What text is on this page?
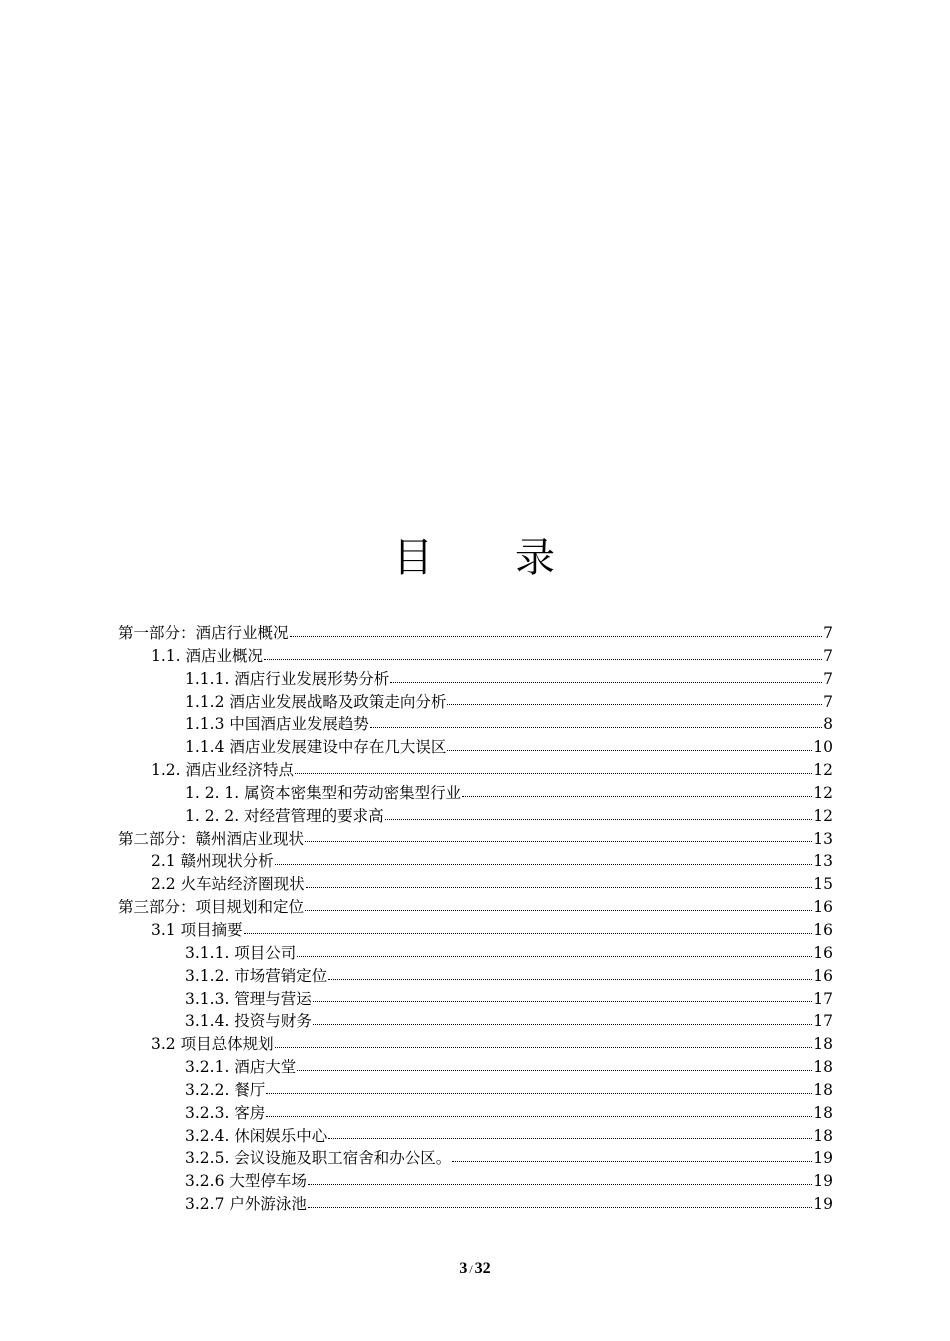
目 录
第一部分：酒店行业概况	7
1.1. 酒店业概况	7
1.1.1. 酒店行业发展形势分析	7
1.1.2 酒店业发展战略及政策走向分析	7
1.1.3 中国酒店业发展趋势	8
1.1.4 酒店业发展建设中存在几大误区	10
1.2. 酒店业经济特点	12
1. 2. 1. 属资本密集型和劳动密集型行业	12
1. 2. 2. 对经营管理的要求高	12
第二部分：赣州酒店业现状	13
2.1 赣州现状分析	13
2.2 火车站经济圈现状	15
第三部分：项目规划和定位	16
3.1 项目摘要	16
3.1.1. 项目公司	16
3.1.2. 市场营销定位	16
3.1.3. 管理与营运	17
3.1.4. 投资与财务	17
3.2 项目总体规划	18
3.2.1. 酒店大堂	18
3.2.2. 餐厅	18
3.2.3. 客房	18
3.2.4. 休闲娱乐中心	18
3.2.5. 会议设施及职工宿舍和办公区。	19
3.2.6 大型停车场	19
3.2.7 户外游泳池	19
3 / 32
